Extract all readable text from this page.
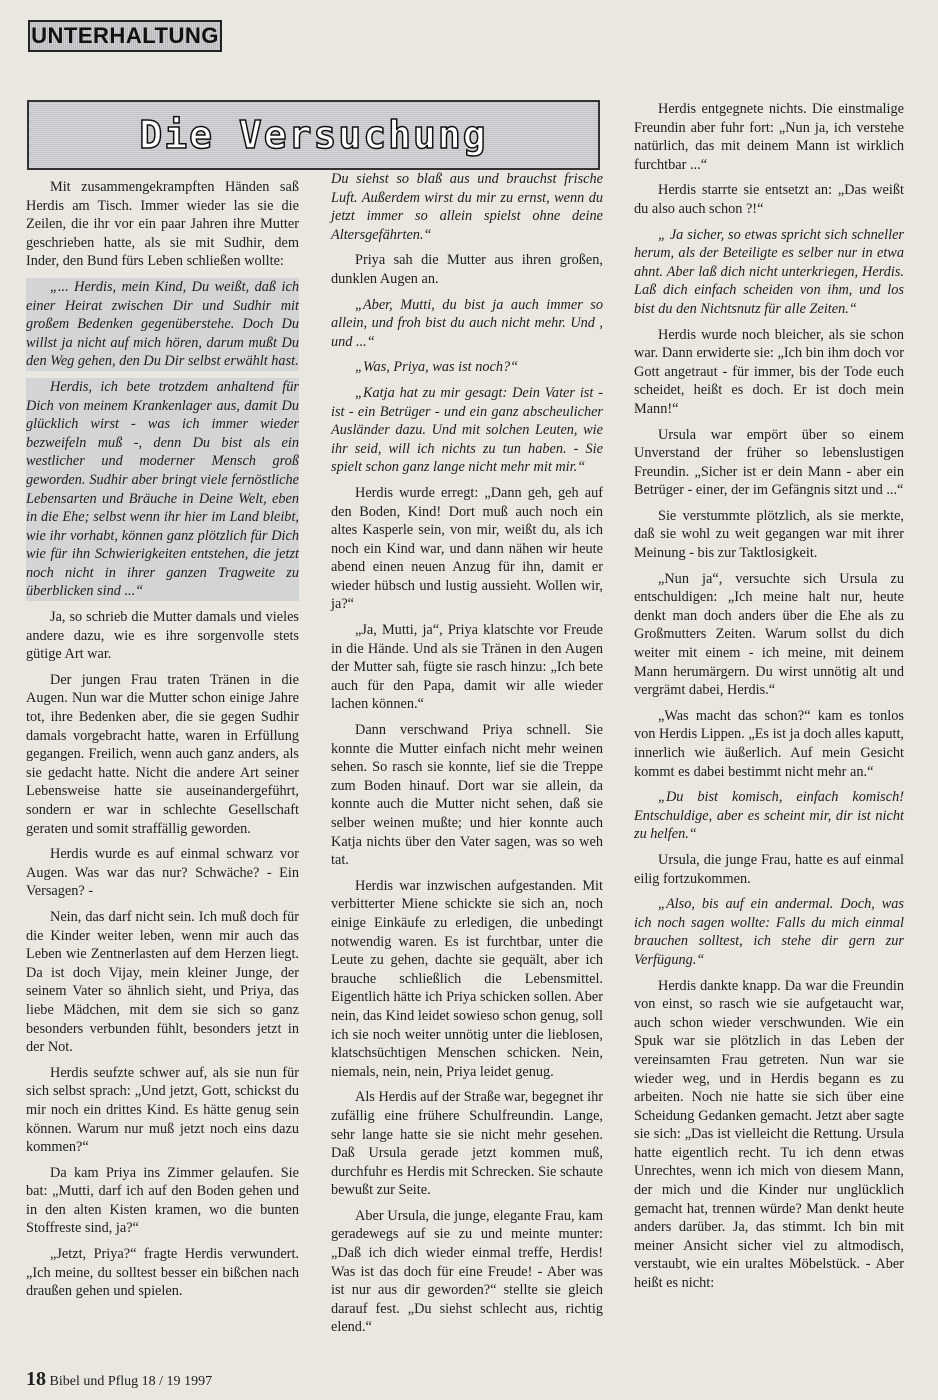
UNTERHALTUNG
Die Versuchung

Mit zusammengekrampften Händen saß Herdis am Tisch. Immer wieder las sie die Zeilen, die ihr vor ein paar Jahren ihre Mutter geschrieben hatte, als sie mit Sudhir, dem Inder, den Bund fürs Leben schließen wollte:

„... Herdis, mein Kind, Du weißt, daß ich einer Heirat zwischen Dir und Sudhir mit großem Bedenken gegenüberstehe. Doch Du willst ja nicht auf mich hören, darum mußt Du den Weg gehen, den Du Dir selbst erwählt hast.

Herdis, ich bete trotzdem anhaltend für Dich von meinem Krankenlager aus, damit Du glücklich wirst - was ich immer wieder bezweifeln muß -, denn Du bist als ein westlicher und moderner Mensch groß geworden. Sudhir aber bringt viele fernöstliche Lebensarten und Bräuche in Deine Welt, eben in die Ehe; selbst wenn ihr hier im Land bleibt, wie ihr vorhabt, können ganz plötzlich für Dich wie für ihn Schwierigkeiten entstehen, die jetzt noch nicht in ihrer ganzen Tragweite zu überblicken sind ...“

Ja, so schrieb die Mutter damals und vieles andere dazu, wie es ihre sorgenvolle stets gütige Art war.

Der jungen Frau traten Tränen in die Augen. Nun war die Mutter schon einige Jahre tot, ihre Bedenken aber, die sie gegen Sudhir damals vorgebracht hatte, waren in Erfüllung gegangen. Freilich, wenn auch ganz anders, als sie gedacht hatte. Nicht die andere Art seiner Lebensweise hatte sie auseinandergeführt, sondern er war in schlechte Gesellschaft geraten und somit straffällig geworden.

Herdis wurde es auf einmal schwarz vor Augen. Was war das nur? Schwäche? - Ein Versagen? -

Nein, das darf nicht sein. Ich muß doch für die Kinder weiter leben, wenn mir auch das Leben wie Zentnerlasten auf dem Herzen liegt. Da ist doch Vijay, mein kleiner Junge, der seinem Vater so ähnlich sieht, und Priya, das liebe Mädchen, mit dem sie sich so ganz besonders verbunden fühlt, besonders jetzt in der Not.

Herdis seufzte schwer auf, als sie nun für sich selbst sprach: „Und jetzt, Gott, schickst du mir noch ein drittes Kind. Es hätte genug sein können. Warum nur muß jetzt noch eins dazu kommen?“

Da kam Priya ins Zimmer gelaufen. Sie bat: „Mutti, darf ich auf den Boden gehen und in den alten Kisten kramen, wo die bunten Stoffreste sind, ja?“

„Jetzt, Priya?“ fragte Herdis verwundert. „Ich meine, du solltest besser ein bißchen nach draußen gehen und spielen.

Du siehst so blaß aus und brauchst frische Luft. Außerdem wirst du mir zu ernst, wenn du jetzt immer so allein spielst ohne deine Altersgefährten.“

Priya sah die Mutter aus ihren großen, dunklen Augen an.

„Aber, Mutti, du bist ja auch immer so allein, und froh bist du auch nicht mehr. Und , und ...“

„Was, Priya, was ist noch?“

„Katja hat zu mir gesagt: Dein Vater ist - ist - ein Betrüger - und ein ganz abscheulicher Ausländer dazu. Und mit solchen Leuten, wie ihr seid, will ich nichts zu tun haben. - Sie spielt schon ganz lange nicht mehr mit mir.“

Herdis wurde erregt: „Dann geh, geh auf den Boden, Kind! Dort muß auch noch ein altes Kasperle sein, von mir, weißt du, als ich noch ein Kind war, und dann nähen wir heute abend einen neuen Anzug für ihn, damit er wieder hübsch und lustig aussieht. Wollen wir, ja?“

„Ja, Mutti, ja“, Priya klatschte vor Freude in die Hände. Und als sie Tränen in den Augen der Mutter sah, fügte sie rasch hinzu: „Ich bete auch für den Papa, damit wir alle wieder lachen können.“

Dann verschwand Priya schnell. Sie konnte die Mutter einfach nicht mehr weinen sehen. So rasch sie konnte, lief sie die Treppe zum Boden hinauf. Dort war sie allein, da konnte auch die Mutter nicht sehen, daß sie selber weinen mußte; und hier konnte auch Katja nichts über den Vater sagen, was so weh tat.

Herdis war inzwischen aufgestanden. Mit verbitterter Miene schickte sie sich an, noch einige Einkäufe zu erledigen, die unbedingt notwendig waren. Es ist furchtbar, unter die Leute zu gehen, dachte sie gequält, aber ich brauche schließlich die Lebensmittel. Eigentlich hätte ich Priya schicken sollen. Aber nein, das Kind leidet sowieso schon genug, soll ich sie noch weiter unnötig unter die lieblosen, klatschsüchtigen Menschen schicken. Nein, niemals, nein, nein, Priya leidet genug.

Als Herdis auf der Straße war, begegnet ihr zufällig eine frühere Schulfreundin. Lange, sehr lange hatte sie sie nicht mehr gesehen. Daß Ursula gerade jetzt kommen muß, durchfuhr es Herdis mit Schrecken. Sie schaute bewußt zur Seite.

Aber Ursula, die junge, elegante Frau, kam geradewegs auf sie zu und meinte munter: „Daß ich dich wieder einmal treffe, Herdis! Was ist das doch für eine Freude! - Aber was ist nur aus dir geworden?“ stellte sie gleich darauf fest. „Du siehst schlecht aus, richtig elend.“

Herdis entgegnete nichts. Die einstmalige Freundin aber fuhr fort: „Nun ja, ich verstehe natürlich, das mit deinem Mann ist wirklich furchtbar ...“

Herdis starrte sie entsetzt an: „Das weißt du also auch schon ?!“

„ Ja sicher, so etwas spricht sich schneller herum, als der Beteiligte es selber nur in etwa ahnt. Aber laß dich nicht unterkriegen, Herdis. Laß dich einfach scheiden von ihm, und los bist du den Nichtsnutz für alle Zeiten.“

Herdis wurde noch bleicher, als sie schon war. Dann erwiderte sie: „Ich bin ihm doch vor Gott angetraut - für immer, bis der Tode euch scheidet, heißt es doch. Er ist doch mein Mann!“

Ursula war empört über so einem Unverstand der früher so lebenslustigen Freundin. „Sicher ist er dein Mann - aber ein Betrüger - einer, der im Gefängnis sitzt und ...“

Sie verstummte plötzlich, als sie merkte, daß sie wohl zu weit gegangen war mit ihrer Meinung - bis zur Taktlosigkeit.

„Nun ja“, versuchte sich Ursula zu entschuldigen: „Ich meine halt nur, heute denkt man doch anders über die Ehe als zu Großmutters Zeiten. Warum sollst du dich weiter mit einem - ich meine, mit deinem Mann herumärgern. Du wirst unnötig alt und vergrämt dabei, Herdis.“

„Was macht das schon?“ kam es tonlos von Herdis Lippen. „Es ist ja doch alles kaputt, innerlich wie äußerlich. Auf mein Gesicht kommt es dabei bestimmt nicht mehr an.“

„Du bist komisch, einfach komisch! Entschuldige, aber es scheint mir, dir ist nicht zu helfen.“

Ursula, die junge Frau, hatte es auf einmal eilig fortzukommen.

„Also, bis auf ein andermal. Doch, was ich noch sagen wollte: Falls du mich einmal brauchen solltest, ich stehe dir gern zur Verfügung.“

Herdis dankte knapp. Da war die Freundin von einst, so rasch wie sie aufgetaucht war, auch schon wieder verschwunden. Wie ein Spuk war sie plötzlich in das Leben der vereinsamten Frau getreten. Nun war sie wieder weg, und in Herdis begann es zu arbeiten. Noch nie hatte sie sich über eine Scheidung Gedanken gemacht. Jetzt aber sagte sie sich: „Das ist vielleicht die Rettung. Ursula hatte eigentlich recht. Tu ich denn etwas Unrechtes, wenn ich mich von diesem Mann, der mich und die Kinder nur unglücklich gemacht hat, trennen würde? Man denkt heute anders darüber. Ja, das stimmt. Ich bin mit meiner Ansicht sicher viel zu altmodisch, verstaubt, wie ein uraltes Möbelstück. - Aber heißt es nicht:

18 Bibel und Pflug 18 / 19 1997
